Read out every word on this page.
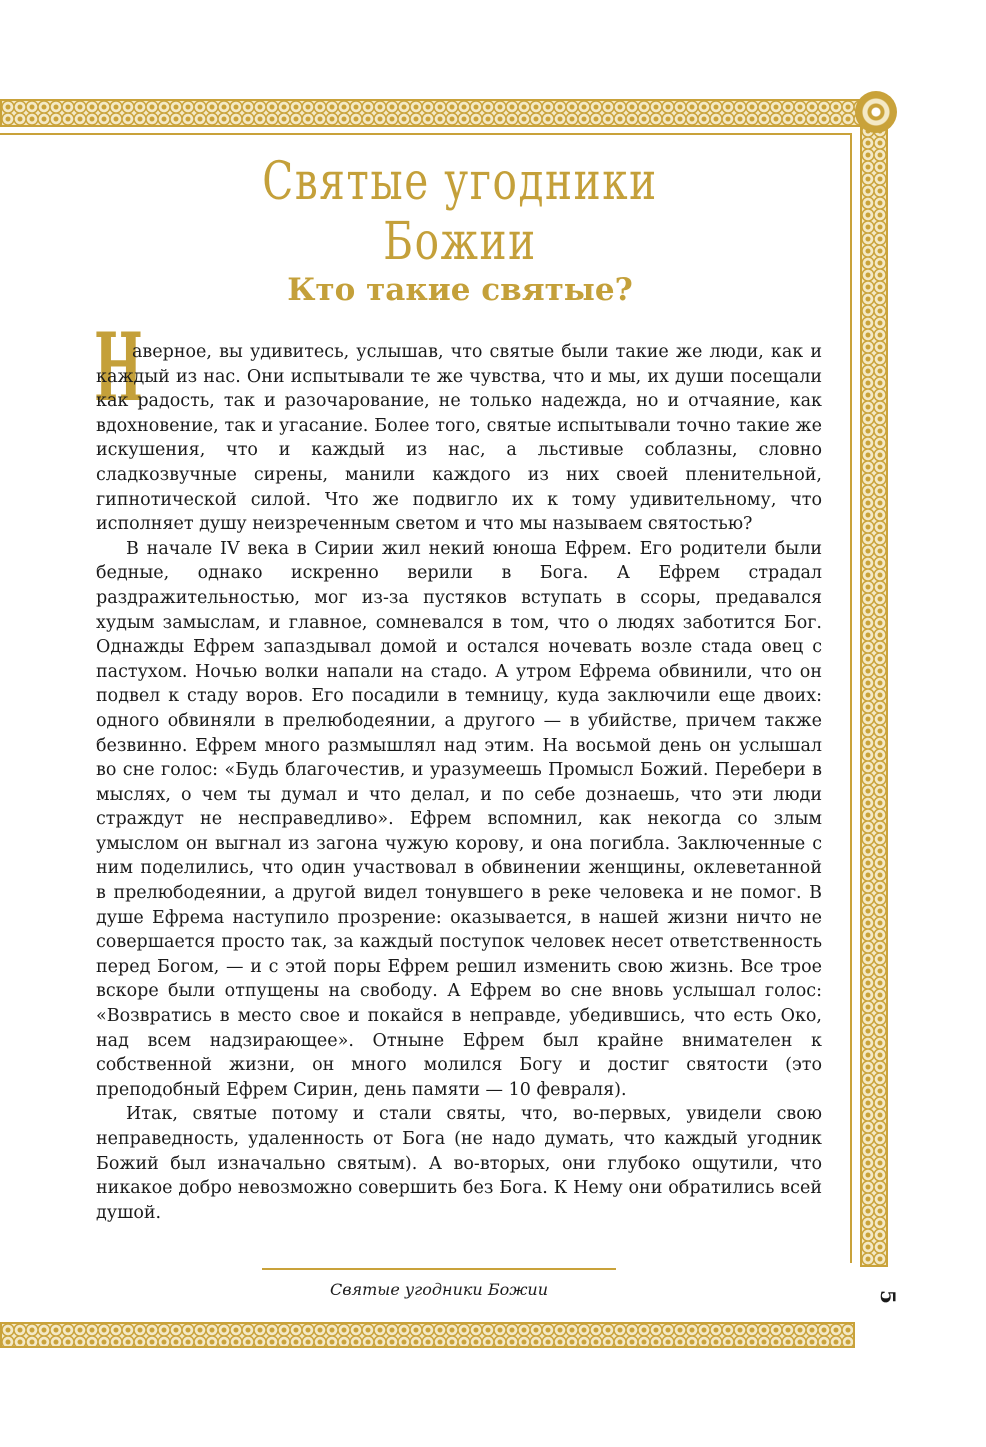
Святые угодники Божии
Кто такие святые?
Н

аверное, вы удивитесь, услышав, что святые были такие же люди, как и каждый из нас. Они испытывали те же чувства, что и мы, их души посещали как радость, так и разочарование, не только надежда, но и отчаяние, как вдохновение, так и угасание. Более того, святые испытывали точно такие же искушения, что и каждый из нас, а льстивые соблазны, словно сладкозвучные сирены, манили каждого из них своей пленительной, гипнотической силой. Что же подвигло их к тому удивительному, что исполняет душу неизреченным светом и что мы называем святостью?

В начале IV века в Сирии жил некий юноша Ефрем. Его родители были бедные, однако искренно верили в Бога. А Ефрем страдал раздражительностью, мог из-за пустяков вступать в ссоры, предавался худым замыслам, и главное, сомневался в том, что о людях заботится Бог. Однажды Ефрем запаздывал домой и остался ночевать возле стада овец с пастухом. Ночью волки напали на стадо. А утром Ефрема обвинили, что он подвел к стаду воров. Его посадили в темницу, куда заключили еще двоих: одного обвиняли в прелюбодеянии, а другого — в убийстве, причем также безвинно. Ефрем много размышлял над этим. На восьмой день он услышал во сне голос: «Будь благочестив, и уразумеешь Промысл Божий. Перебери в мыслях, о чем ты думал и что делал, и по себе дознаешь, что эти люди страждут не несправедливо». Ефрем вспомнил, как некогда со злым умыслом он выгнал из загона чужую корову, и она погибла. Заключенные с ним поделились, что один участвовал в обвинении женщины, оклеветанной в прелюбодеянии, а другой видел тонувшего в реке человека и не помог. В душе Ефрема наступило прозрение: оказывается, в нашей жизни ничто не совершается просто так, за каждый поступок человек несет ответственность перед Богом, — и с этой поры Ефрем решил изменить свою жизнь. Все трое вскоре были отпущены на свободу. А Ефрем во сне вновь услышал голос: «Возвратись в место свое и покайся в неправде, убедившись, что есть Око, над всем надзирающее». Отныне Ефрем был крайне внимателен к собственной жизни, он много молился Богу и достиг святости (это преподобный Ефрем Сирин, день памяти — 10 февраля).

Итак, святые потому и стали святы, что, во-первых, увидели свою неправедность, удаленность от Бога (не надо думать, что каждый угодник Божий был изначально святым). А во-вторых, они глубоко ощутили, что никакое добро невозможно совершить без Бога. К Нему они обратились всей душой.

Святые угодники Божии	5
